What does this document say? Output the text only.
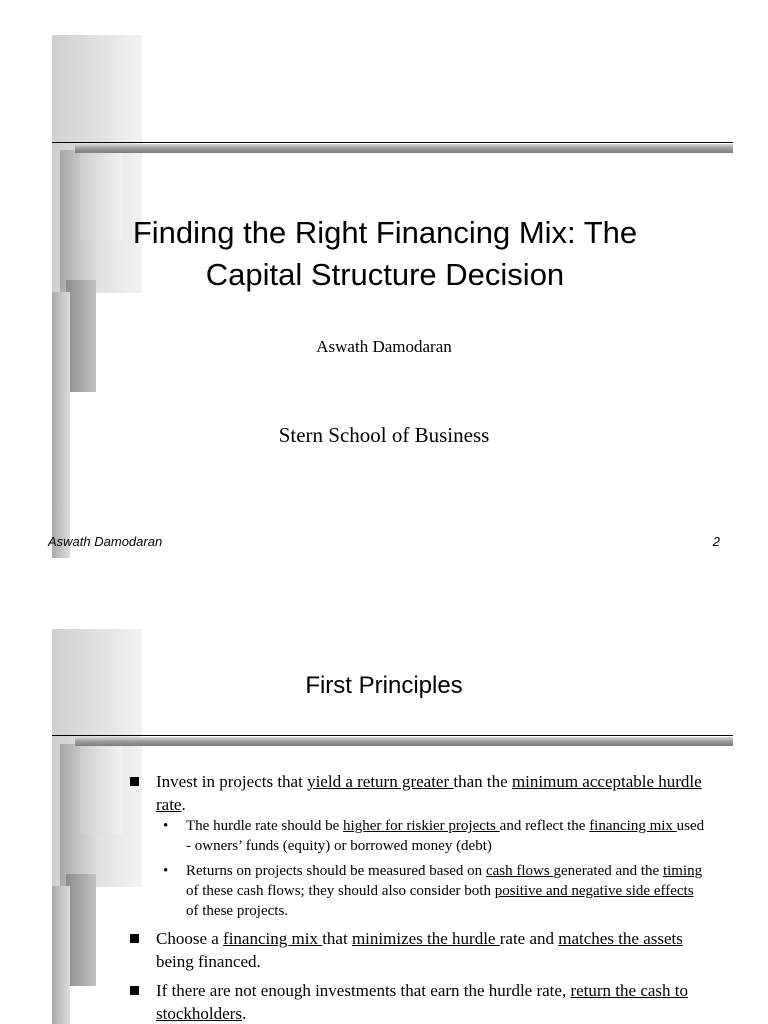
Finding the Right Financing Mix: The
Capital Structure Decision
Aswath Damodaran
Stern School of Business
Aswath Damodaran	2
First Principles
Invest in projects that yield a return greater than the minimum acceptable hurdle rate.
• The hurdle rate should be higher for riskier projects and reflect the financing mix used - owners’ funds (equity) or borrowed money (debt)
• Returns on projects should be measured based on cash flows generated and the timing of these cash flows; they should also consider both positive and negative side effects of these projects.
Choose a financing mix that minimizes the hurdle rate and matches the assets being financed.
If there are not enough investments that earn the hurdle rate, return the cash to stockholders.
